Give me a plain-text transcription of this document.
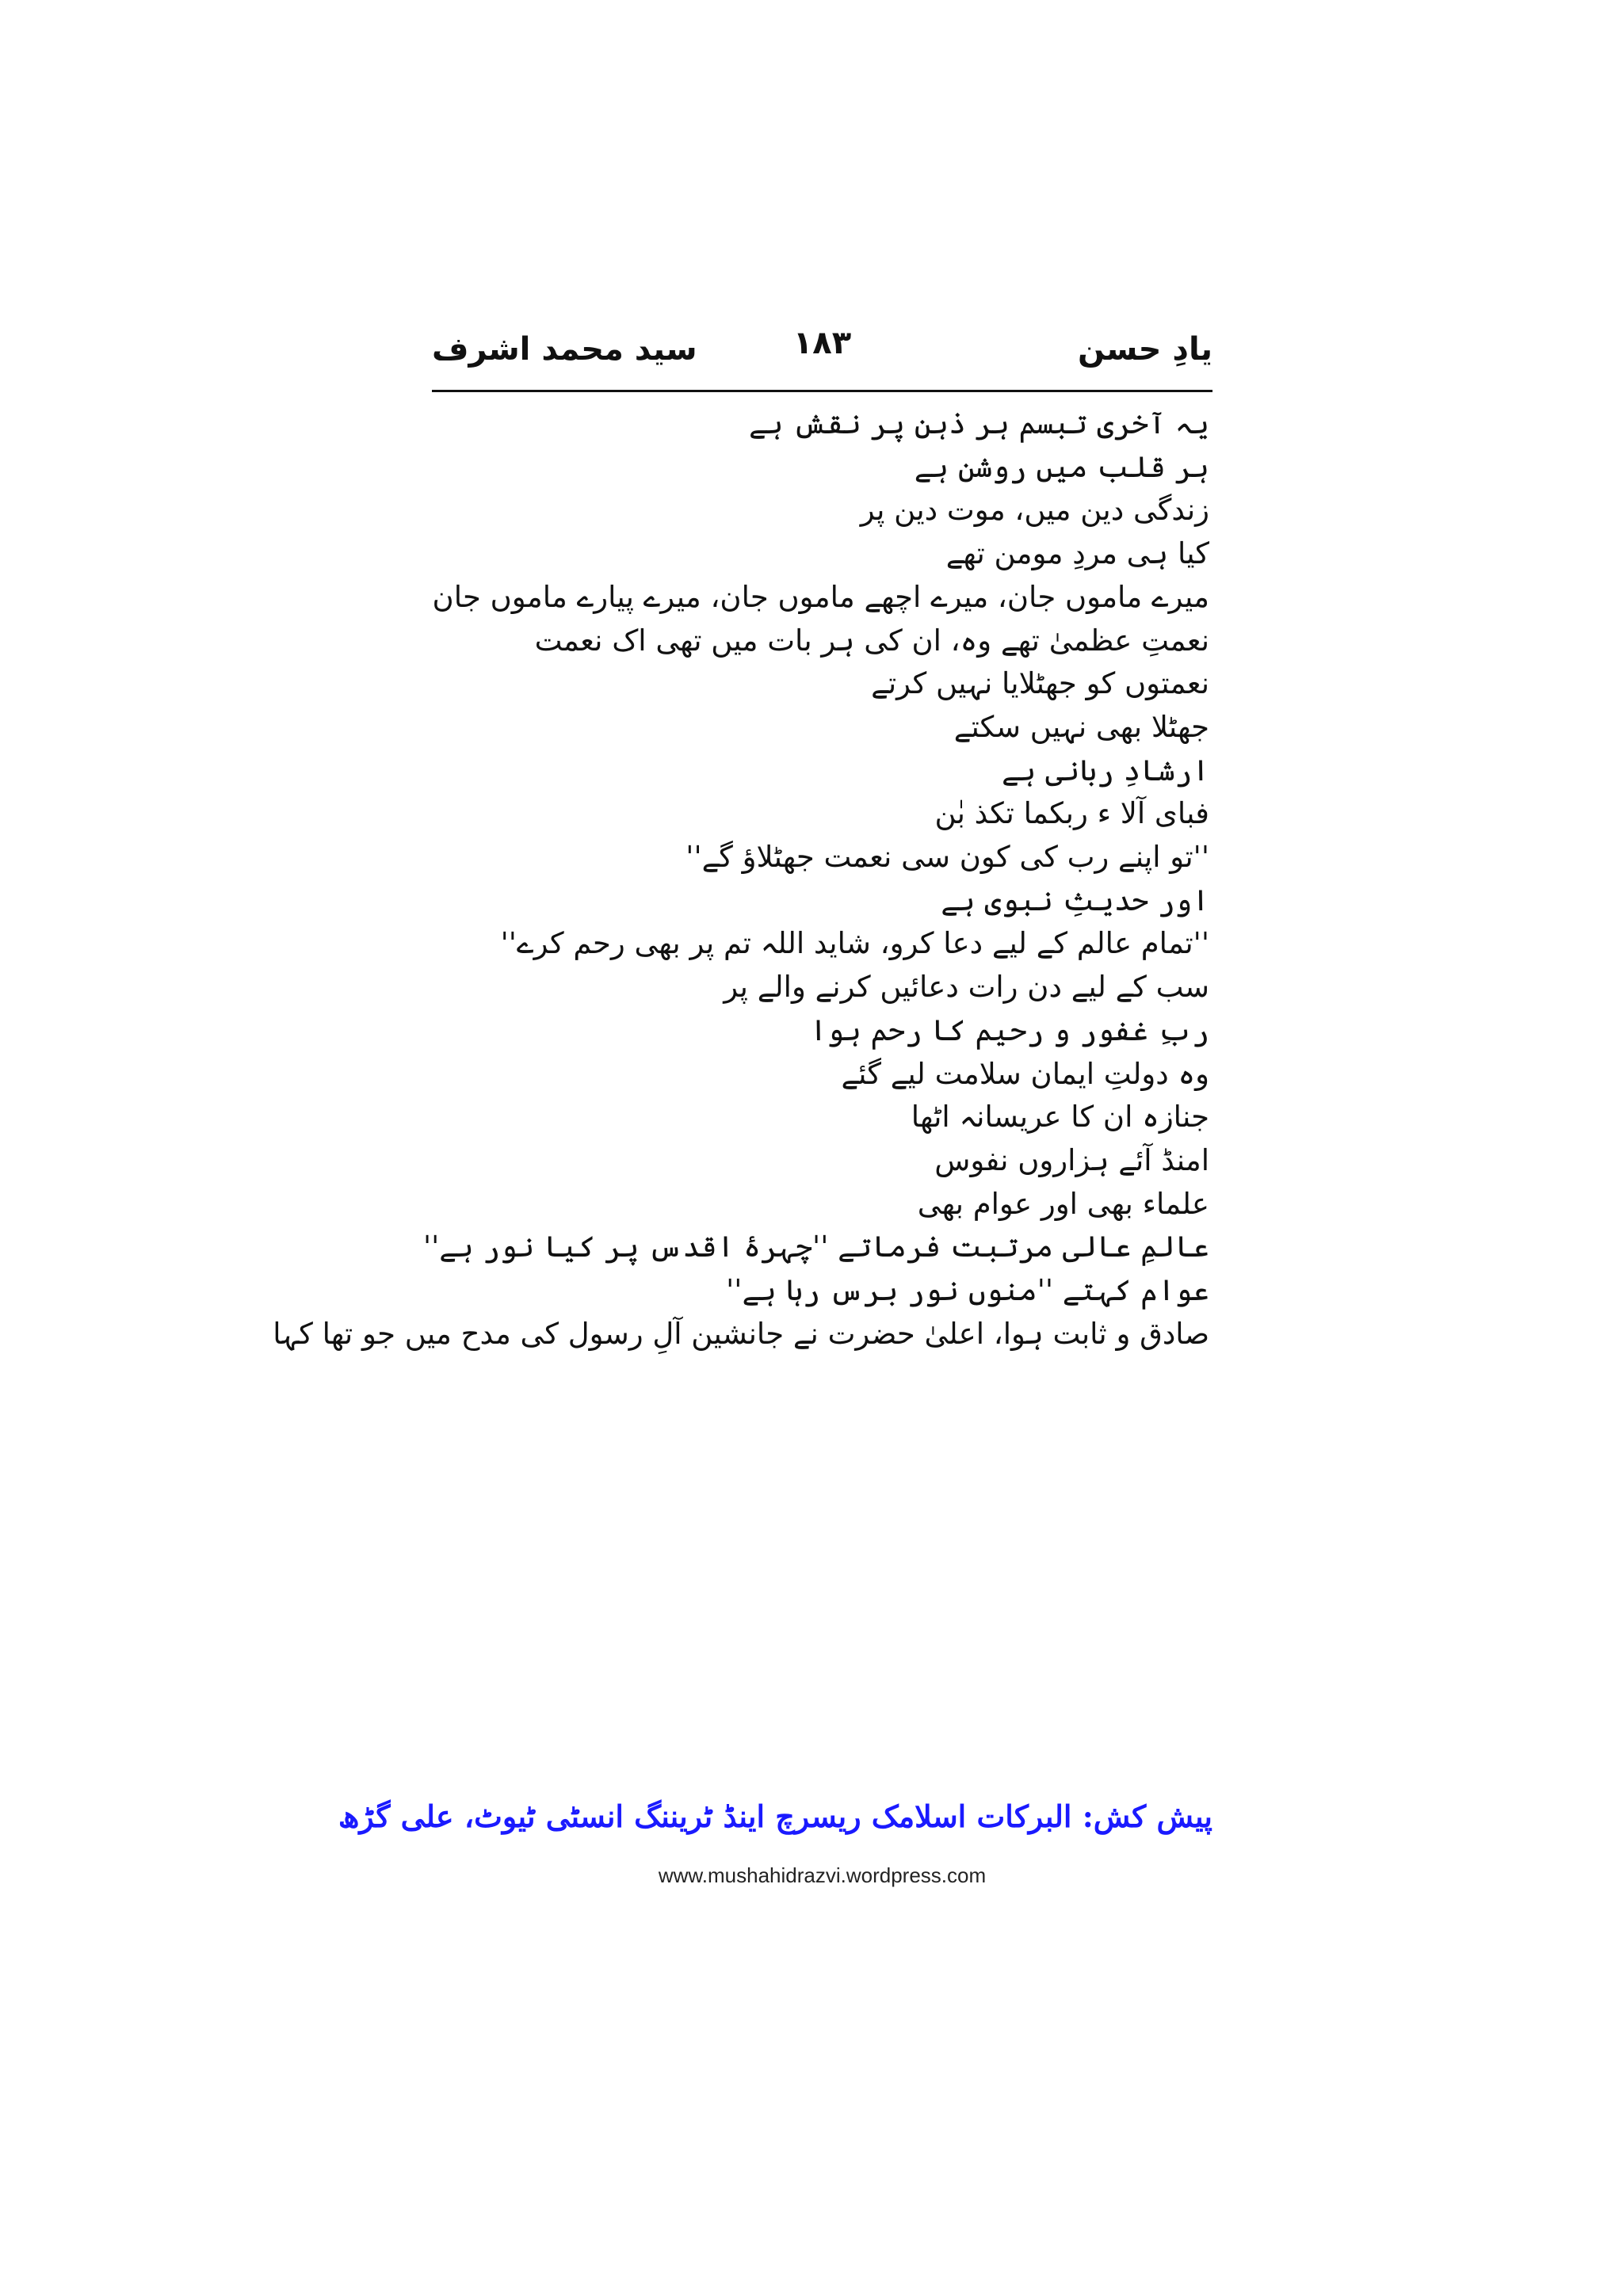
سید محمد اشرف	۱۸۳	یادِ حسن
یہ آخری تبسم ہر ذہن پر نقش ہے
ہر قلب میں روشن ہے
زندگی دین میں، موت دین پر
کیا ہی مردِ مومن تھے
میرے ماموں جان، میرے اچھے ماموں جان، میرے پیارے ماموں جان
نعمتِ عظمیٰ تھے وہ، ان کی ہر بات میں تھی اک نعمت
نعمتوں کو جھٹلایا نہیں کرتے
جھٹلا بھی نہیں سکتے
ارشادِ ربانی ہے
فبای آلا ء ربکما تکذ بٰن
''تو اپنے رب کی کون سی نعمت جھٹلاؤ گے''
اور حدیثِ نبوی ہے
''تمام عالم کے لیے دعا کرو، شاید اللہ تم پر بھی رحم کرے''
سب کے لیے دن رات دعائیں کرنے والے پر
ربِ غفور و رحیم کا رحم ہوا
وہ دولتِ ایمان سلامت لیے گئے
جنازہ ان کا عریسانہ اٹھا
امنڈ آئے ہزاروں نفوس
علماء بھی اور عوام بھی
عالمِ عالی مرتبت فرماتے ''چہرۂ اقدس پر کیا نور ہے''
عوام کہتے ''منوں نور برس رہا ہے''
صادق و ثابت ہوا، اعلیٰ حضرت نے جانشین آلِ رسول کی مدح میں جو تھا کہا
پیش کش: البرکات اسلامک ریسرچ اینڈ ٹریننگ انسٹی ٹیوٹ، علی گڑھ
www.mushahidrazvi.wordpress.com
